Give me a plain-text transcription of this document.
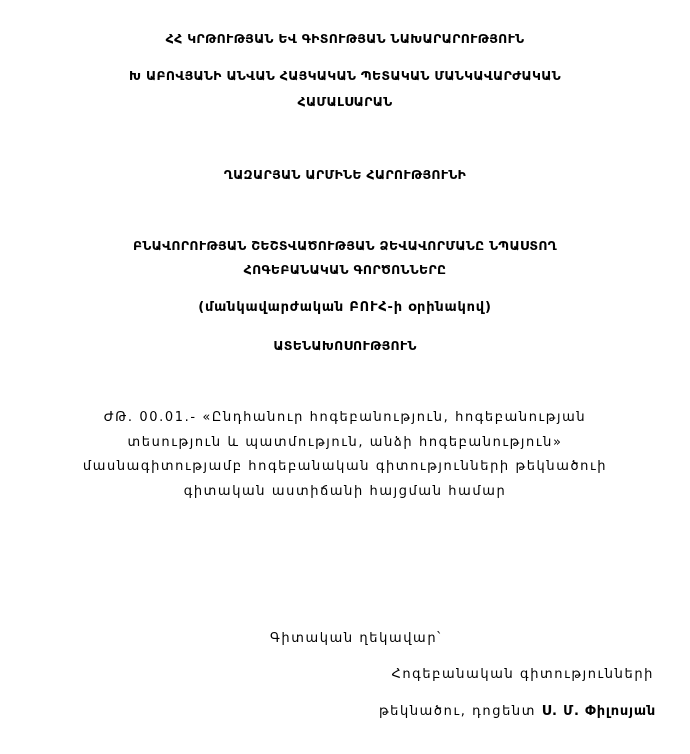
ՀՀ ԿՐԹՈՒԹՅԱՆ ԵՎ ԳԻՏՈՒԹՅԱՆ ՆԱԽԱՐԱՐՈՒԹՅՈՒՆ
Խ ԱԲՈՎՅԱՆԻ ԱՆՎԱՆ ՀԱՅԿԱԿԱՆ ՊԵՏԱԿԱՆ ՄԱՆԿԱՎԱՐԺԱԿԱՆ
ՀԱՄԱԼՍԱՐԱՆ
ՂԱԶԱՐՅԱՆ ԱՐՄԻՆԵ ՀԱՐՈՒԹՅՈՒՆԻ
ԲՆԱՎՈՐՈՒԹՅԱՆ ՇԵՇՏՎԱԾՈՒԹՅԱՆ ՁԵՎԱՎՈՐՄԱՆԸ ՆՊԱՍՏՈՂ
ՀՈԳԵԲԱՆԱԿԱՆ ԳՈՐԾՈՆՆԵՐԸ
(մանկավարժական ԲՈՒՀ-ի օրինակով)
ԱՏԵՆԱԽՈՍՈՒԹՅՈՒՆ
ԺԹ. 00.01.- «Ընդհանուր հոգեբանություն, հոգեբանության
տեսություն և պատմություն, անձի հոգեբանություն»
մասնագիտությամբ հոգեբանական գիտությունների թեկնածուի
գիտական աստիճանի հայցման համար
Գիտական ղեկավար՝
Հոգեբանական գիտությունների
թեկնածու, դոցենտ Ս. Մ. Փիլոսյան
